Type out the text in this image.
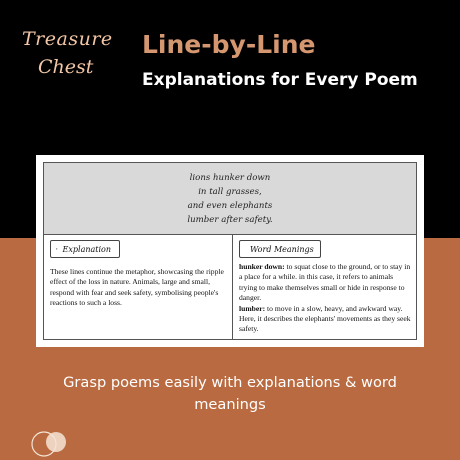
Treasure
Chest
Line-by-Line
Explanations for Every Poem
lions hunker down
in tall grasses,
and even elephants
lumber after safety.
Explanation
These lines continue the metaphor, showcasing the ripple effect of the loss in nature. Animals, large and small, respond with fear and seek safety, symbolising people's reactions to such a loss.
Word Meanings
hunker down: to squat close to the ground, or to stay in a place for a while. in this case, it refers to animals trying to make themselves small or hide in response to danger.
lumber: to move in a slow, heavy, and awkward way. Here, it describes the elephants' movements as they seek safety.
Grasp poems easily with explanations & word meanings
